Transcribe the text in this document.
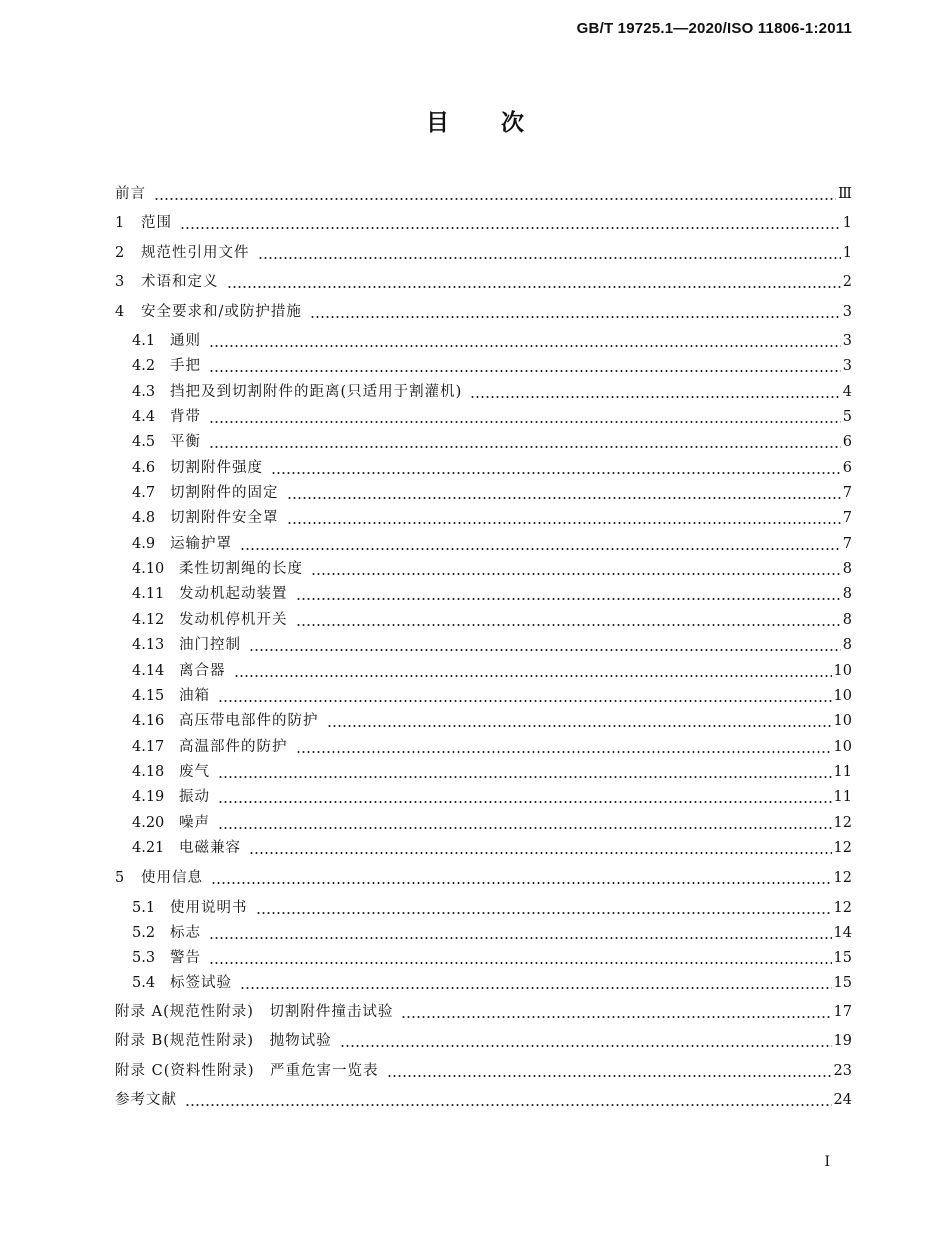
GB/T 19725.1—2020/ISO 11806-1:2011
目次
前言	Ⅲ
1	范围	1
2	规范性引用文件	1
3	术语和定义	2
4	安全要求和/或防护措施	3
4.1	通则	3
4.2	手把	3
4.3	挡把及到切割附件的距离(只适用于割灌机)	4
4.4	背带	5
4.5	平衡	6
4.6	切割附件强度	6
4.7	切割附件的固定	7
4.8	切割附件安全罩	7
4.9	运输护罩	7
4.10	柔性切割绳的长度	8
4.11	发动机起动装置	8
4.12	发动机停机开关	8
4.13	油门控制	8
4.14	离合器	10
4.15	油箱	10
4.16	高压带电部件的防护	10
4.17	高温部件的防护	10
4.18	废气	11
4.19	振动	11
4.20	噪声	12
4.21	电磁兼容	12
5	使用信息	12
5.1	使用说明书	12
5.2	标志	14
5.3	警告	15
5.4	标签试验	15
附录 A(规范性附录)　切割附件撞击试验	17
附录 B(规范性附录)　抛物试验	19
附录 C(资料性附录)　严重危害一览表	23
参考文献	24
I
